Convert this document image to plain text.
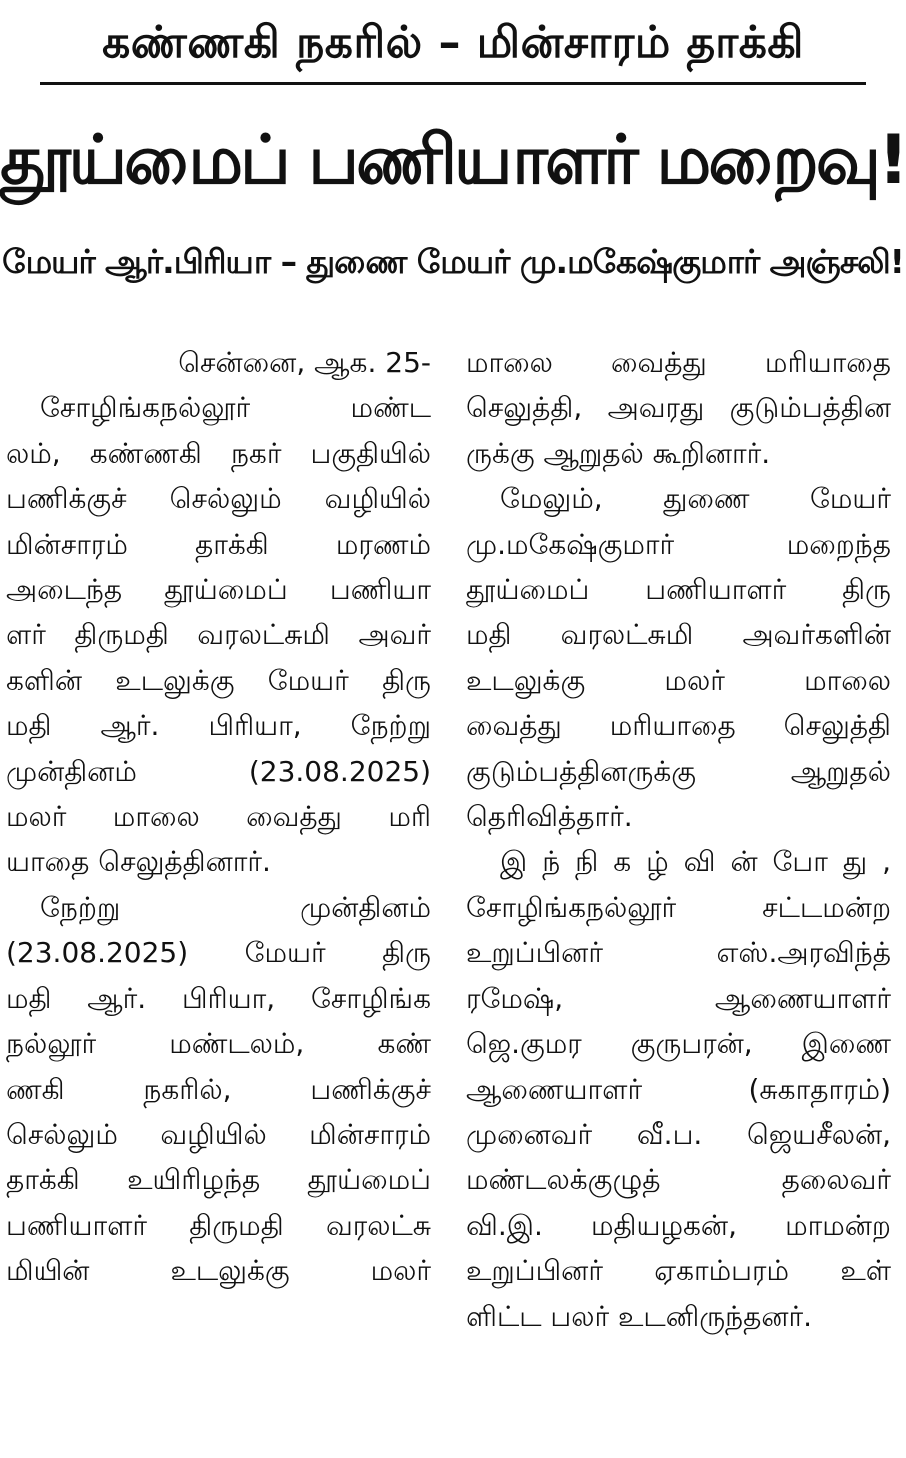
கண்ணகி நகரில் – மின்சாரம் தாக்கி
தூய்மைப் பணியாளர் மறைவு!
மேயர் ஆர்.பிரியா – துணை மேயர் மு.மகேஷ்குமார் அஞ்சலி!
சென்னை, ஆக. 25-
சோழிங்கநல்லூர் மண்ட
லம், கண்ணகி நகர் பகுதியில்
பணிக்குச் செல்லும் வழியில்
மின்சாரம் தாக்கி மரணம்
அடைந்த தூய்மைப் பணியா
ளர் திருமதி வரலட்சுமி அவர்
களின் உடலுக்கு மேயர் திரு
மதி ஆர். பிரியா, நேற்று
முன்தினம் (23.08.2025)
மலர் மாலை வைத்து மரி
யாதை செலுத்தினார்.
நேற்று முன்தினம்
(23.08.2025) மேயர் திரு
மதி ஆர். பிரியா, சோழிங்க
நல்லூர் மண்டலம், கண்
ணகி நகரில், பணிக்குச்
செல்லும் வழியில் மின்சாரம்
தாக்கி உயிரிழந்த தூய்மைப்
பணியாளர் திருமதி வரலட்சு
மியின் உடலுக்கு மலர்
மாலை வைத்து மரியாதை
செலுத்தி, அவரது குடும்பத்தின
ருக்கு ஆறுதல் கூறினார்.
மேலும், துணை மேயர்
மு.மகேஷ்குமார் மறைந்த
தூய்மைப் பணியாளர் திரு
மதி வரலட்சுமி அவர்களின்
உடலுக்கு மலர் மாலை
வைத்து மரியாதை செலுத்தி
குடும்பத்தினருக்கு ஆறுதல்
தெரிவித்தார்.
இ ந் நி க ழ் வி ன் போ து ,
சோழிங்கநல்லூர் சட்டமன்ற
உறுப்பினர் எஸ்.அரவிந்த்
ரமேஷ், ஆணையாளர்
ஜெ.குமர குருபரன், இணை
ஆணையாளர் (சுகாதாரம்)
முனைவர் வீ.ப. ஜெயசீலன்,
மண்டலக்குழுத் தலைவர்
வி.இ. மதியழகன், மாமன்ற
உறுப்பினர் ஏகாம்பரம் உள்
ளிட்ட பலர் உடனிருந்தனர்.
